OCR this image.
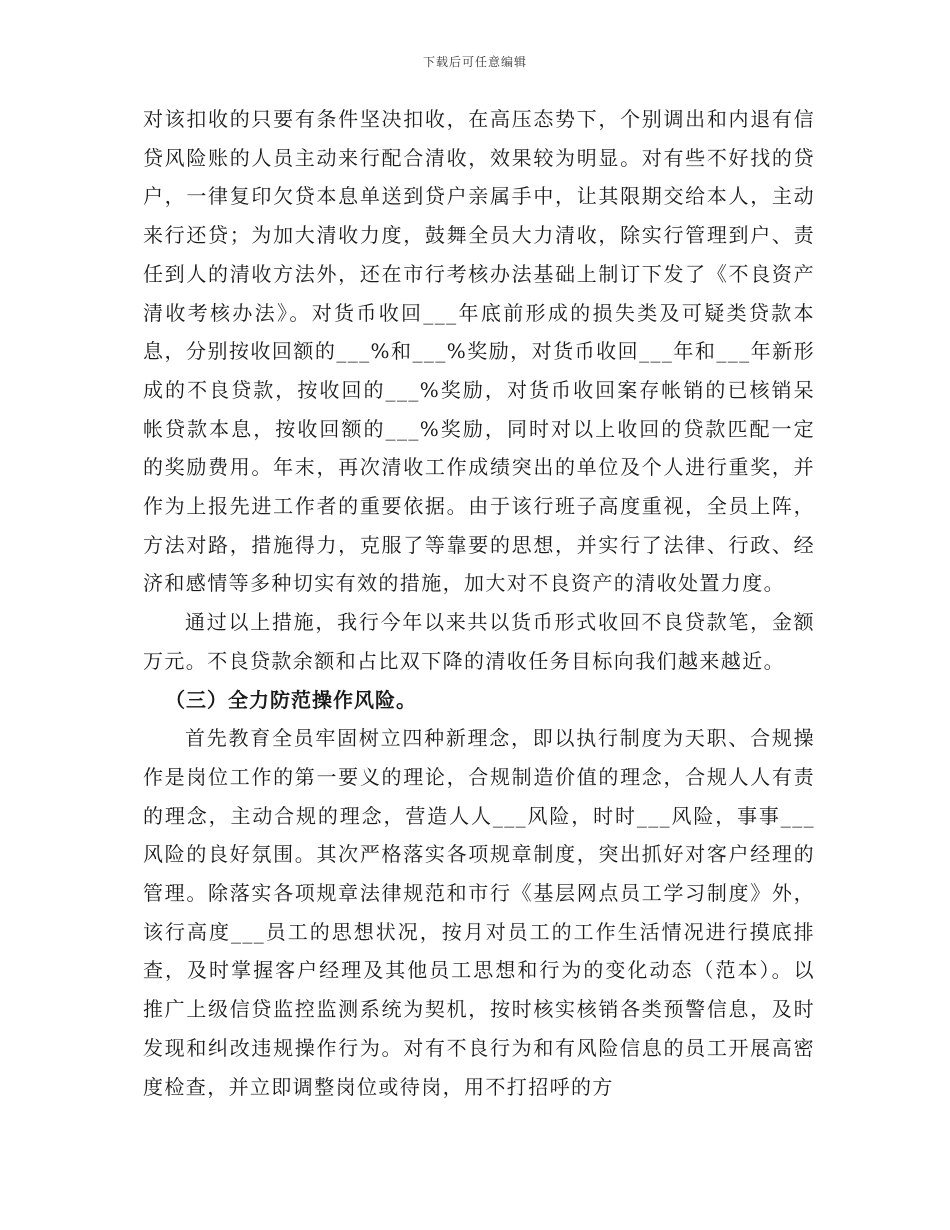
下载后可任意编辑

对该扣收的只要有条件坚决扣收，在高压态势下，个别调出和内退有信贷风险账的人员主动来行配合清收，效果较为明显。对有些不好找的贷户，一律复印欠贷本息单送到贷户亲属手中，让其限期交给本人，主动来行还贷；为加大清收力度，鼓舞全员大力清收，除实行管理到户、责任到人的清收方法外，还在市行考核办法基础上制订下发了《不良资产清收考核办法》。对货币收回___年底前形成的损失类及可疑类贷款本息，分别按收回额的___%和___%奖励，对货币收回___年和___年新形成的不良贷款，按收回的___%奖励，对货币收回案存帐销的已核销呆帐贷款本息，按收回额的___%奖励，同时对以上收回的贷款匹配一定的奖励费用。年末，再次清收工作成绩突出的单位及个人进行重奖，并作为上报先进工作者的重要依据。由于该行班子高度重视，全员上阵，方法对路，措施得力，克服了等靠要的思想，并实行了法律、行政、经济和感情等多种切实有效的措施，加大对不良资产的清收处置力度。

通过以上措施，我行今年以来共以货币形式收回不良贷款笔，金额万元。不良贷款余额和占比双下降的清收任务目标向我们越来越近。

（三）全力防范操作风险。

首先教育全员牢固树立四种新理念，即以执行制度为天职、合规操作是岗位工作的第一要义的理论，合规制造价值的理念，合规人人有责的理念，主动合规的理念，营造人人___风险，时时___风险，事事___风险的良好氛围。其次严格落实各项规章制度，突出抓好对客户经理的管理。除落实各项规章法律规范和市行《基层网点员工学习制度》外，该行高度___员工的思想状况，按月对员工的工作生活情况进行摸底排查，及时掌握客户经理及其他员工思想和行为的变化动态（范本）。以推广上级信贷监控监测系统为契机，按时核实核销各类预警信息，及时发现和纠改违规操作行为。对有不良行为和有风险信息的员工开展高密度检查，并立即调整岗位或待岗，用不打招呼的方
